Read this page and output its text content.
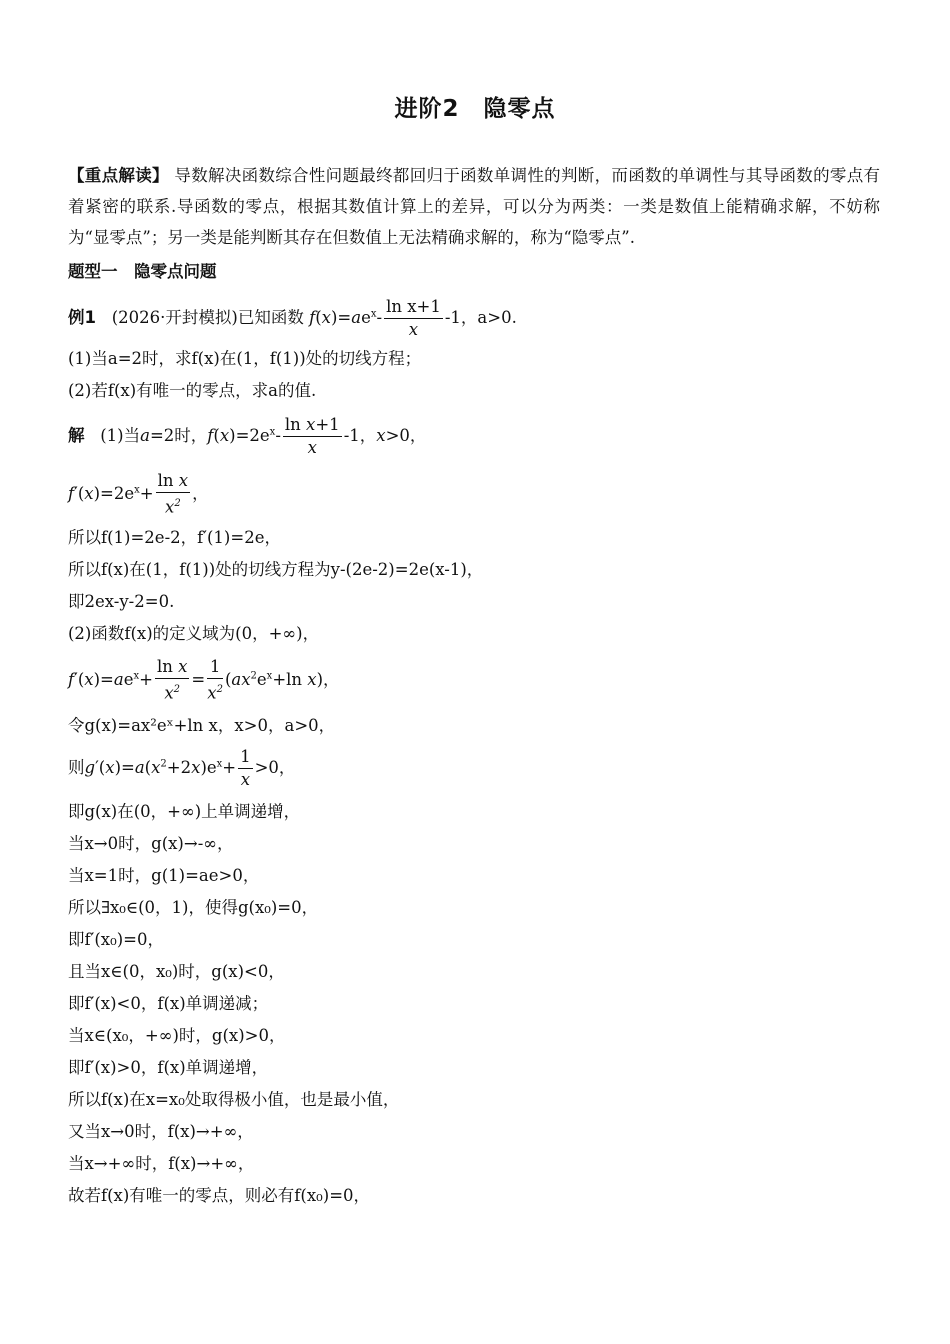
进阶2　隐零点
【重点解读】 导数解决函数综合性问题最终都回归于函数单调性的判断，而函数的单调性与其导函数的零点有着紧密的联系.导函数的零点，根据其数值计算上的差异，可以分为两类：一类是数值上能精确求解，不妨称为“显零点”；另一类是能判断其存在但数值上无法精确求解的，称为“隐零点”.
题型一　隐零点问题
例1 (2026·开封模拟)已知函数 $f(x)=ae^x- \frac{\text{ln x+1}}{x} -1$，a>0.
(1)当a=2时，求f(x)在(1，f(1))处的切线方程；
(2)若f(x)有唯一的零点，求a的值.
解   (1)当a=2时，$f(x)=2e^x- \frac{\text{ln x+1}}{x} -1$，x>0，
$f'(x)=2e^x+ \frac{\text{ln x}}{x^2}$ ，
所以f(1)=2e-2，f′(1)=2e，
所以f(x)在(1，f(1))处的切线方程为y-(2e-2)=2e(x-1)，
即2ex-y-2=0.
(2)函数f(x)的定义域为(0，+∞)，
$f'(x)=ae^x+ \frac{\text{ln x}}{x^2} = \frac{1}{x^2} (ax^2e^x+\ln$ x)，
令g(x)=ax²eˣ+ln x，x>0，a>0，
则$g'(x)=a(x^2+2x)e^x+ \frac{1}{x} >0$，
即g(x)在(0，+∞)上单调递增，
当x→0时，g(x)→-∞，
当x=1时，g(1)=ae>0，
所以∃x₀∈(0，1)，使得g(x₀)=0，
即f′(x₀)=0，
且当x∈(0，x₀)时，g(x)<0，
即f′(x)<0，f(x)单调递减；
当x∈(x₀，+∞)时，g(x)>0，
即f′(x)>0，f(x)单调递增，
所以f(x)在x=x₀处取得极小值，也是最小值，
又当x→0时，f(x)→+∞，
当x→+∞时，f(x)→+∞，
故若f(x)有唯一的零点，则必有f(x₀)=0，
